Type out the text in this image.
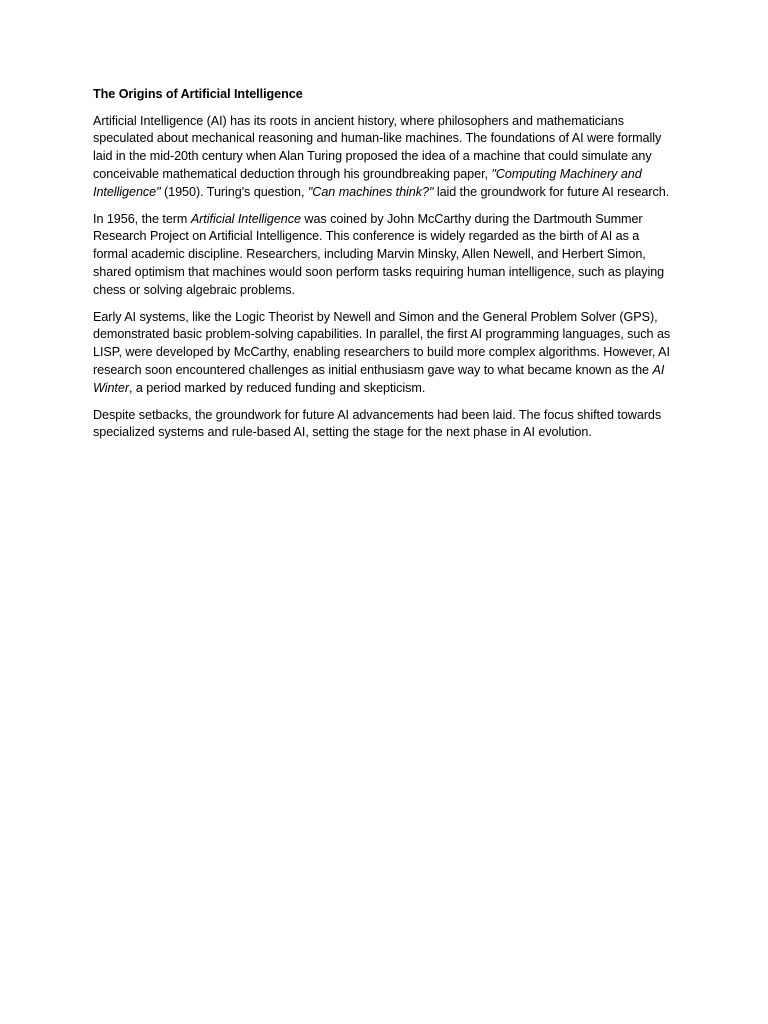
The Origins of Artificial Intelligence

Artificial Intelligence (AI) has its roots in ancient history, where philosophers and mathematicians speculated about mechanical reasoning and human-like machines. The foundations of AI were formally laid in the mid-20th century when Alan Turing proposed the idea of a machine that could simulate any conceivable mathematical deduction through his groundbreaking paper, "Computing Machinery and Intelligence" (1950). Turing's question, "Can machines think?" laid the groundwork for future AI research.

In 1956, the term Artificial Intelligence was coined by John McCarthy during the Dartmouth Summer Research Project on Artificial Intelligence. This conference is widely regarded as the birth of AI as a formal academic discipline. Researchers, including Marvin Minsky, Allen Newell, and Herbert Simon, shared optimism that machines would soon perform tasks requiring human intelligence, such as playing chess or solving algebraic problems.

Early AI systems, like the Logic Theorist by Newell and Simon and the General Problem Solver (GPS), demonstrated basic problem-solving capabilities. In parallel, the first AI programming languages, such as LISP, were developed by McCarthy, enabling researchers to build more complex algorithms. However, AI research soon encountered challenges as initial enthusiasm gave way to what became known as the AI Winter, a period marked by reduced funding and skepticism.

Despite setbacks, the groundwork for future AI advancements had been laid. The focus shifted towards specialized systems and rule-based AI, setting the stage for the next phase in AI evolution.
